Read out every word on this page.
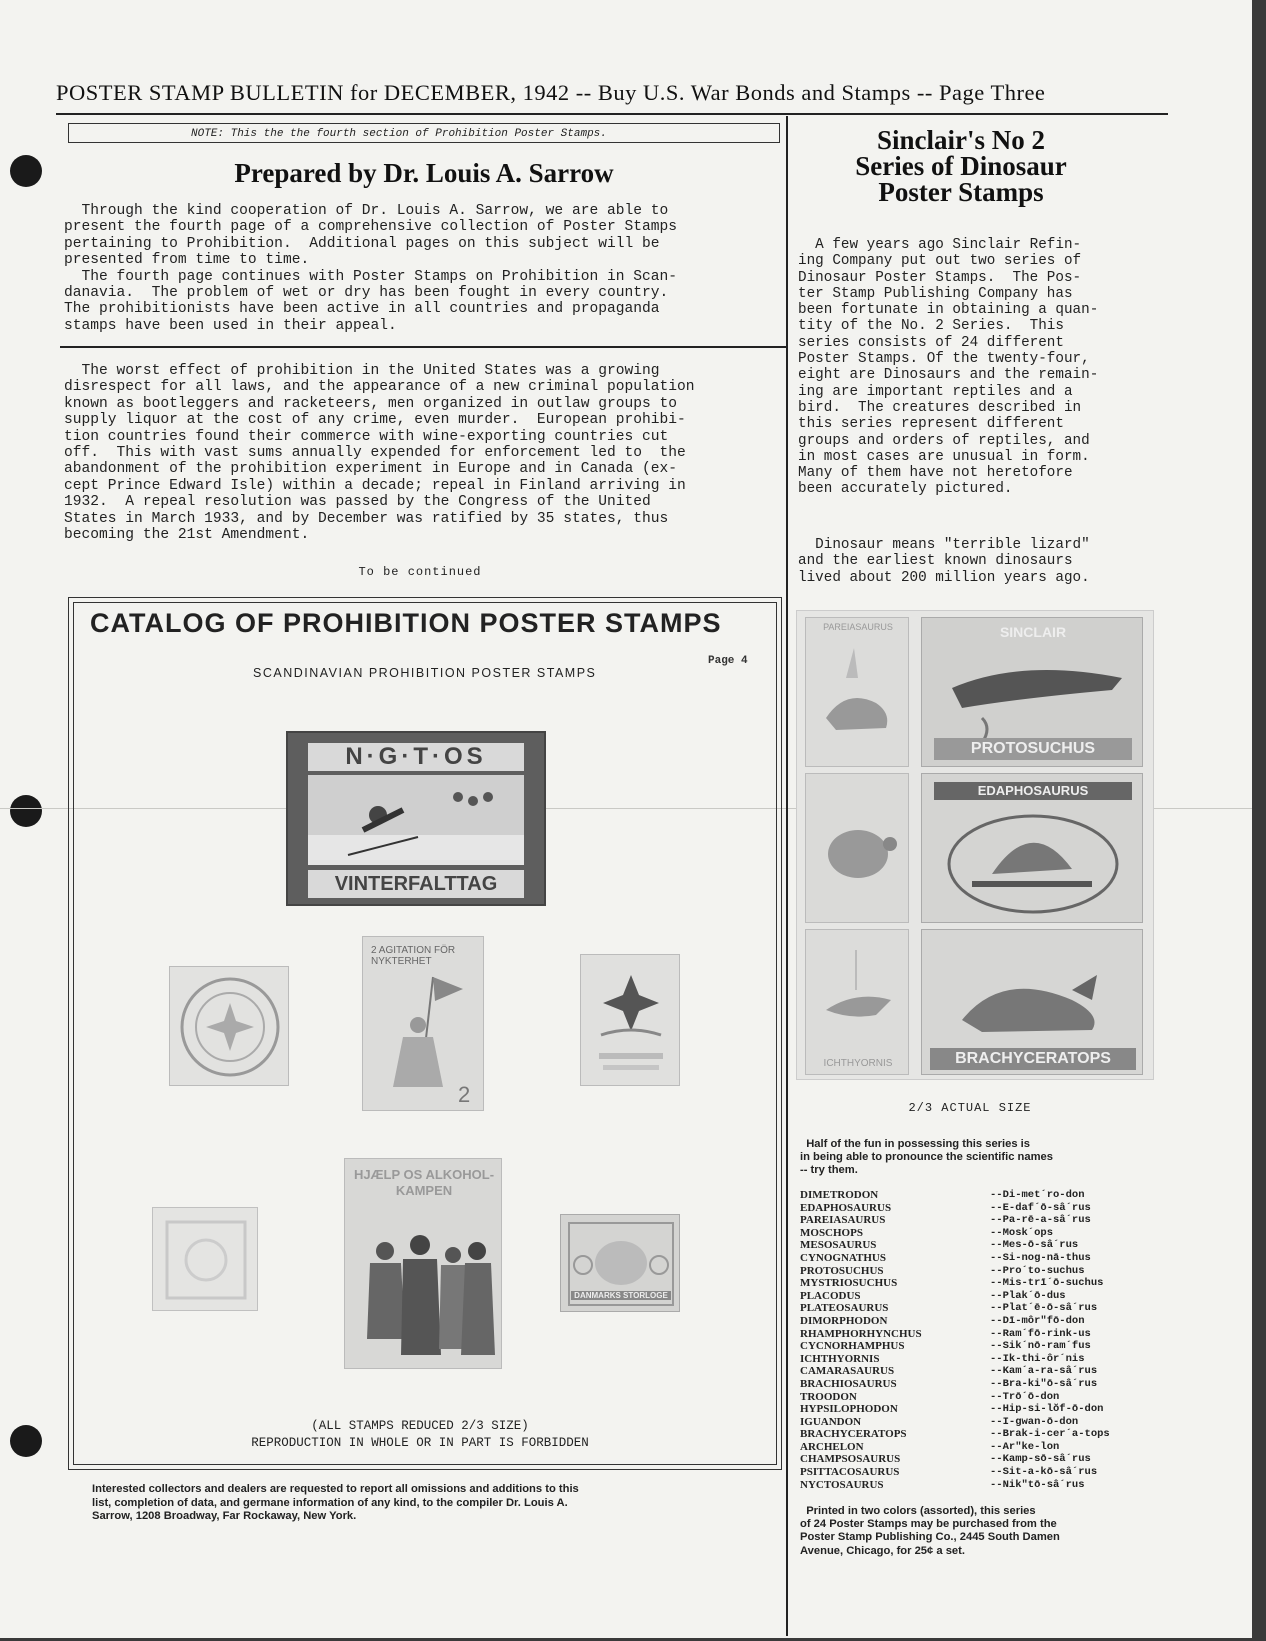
POSTER STAMP BULLETIN for DECEMBER, 1942 -- Buy U.S. War Bonds and Stamps -- Page Three
NOTE: This the the fourth section of Prohibition Poster Stamps.
Prepared by Dr. Louis A. Sarrow
Through the kind cooperation of Dr. Louis A. Sarrow, we are able to
present the fourth page of a comprehensive collection of Poster Stamps
pertaining to Prohibition.  Additional pages on this subject will be
presented from time to time.
The fourth page continues with Poster Stamps on Prohibition in Scan-
danavia.  The problem of wet or dry has been fought in every country.
The prohibitionists have been active in all countries and propaganda
stamps have been used in their appeal.
The worst effect of prohibition in the United States was a growing
disrespect for all laws, and the appearance of a new criminal population
known as bootleggers and racketeers, men organized in outlaw groups to
supply liquor at the cost of any crime, even murder.  European prohibi-
tion countries found their commerce with wine-exporting countries cut
off.  This with vast sums annually expended for enforcement led to  the
abandonment of the prohibition experiment in Europe and in Canada (ex-
cept Prince Edward Isle) within a decade; repeal in Finland arriving in
1932.  A repeal resolution was passed by the Congress of the United
States in March 1933, and by December was ratified by 35 states, thus
becoming the 21st Amendment.
To be continued
CATALOG OF PROHIBITION POSTER STAMPS
Page 4
SCANDINAVIAN PROHIBITION POSTER STAMPS
N·G·T·OS
VINTERFALTTAG
2 AGITATION FÖR NYKTERHET
2
HJÆLP OS ALKOHOL-KAMPEN
DANMARKS STORLOGE
(ALL STAMPS REDUCED 2/3 SIZE)
REPRODUCTION IN WHOLE OR IN PART IS FORBIDDEN
Interested collectors and dealers are requested to report all omissions and additions to this
list, completion of data, and germane information of any kind, to the compiler Dr. Louis A.
Sarrow, 1208 Broadway, Far Rockaway, New York.
Sinclair's No 2
Series of Dinosaur
Poster Stamps
A few years ago Sinclair Refin-
ing Company put out two series of
Dinosaur Poster Stamps.  The Pos-
ter Stamp Publishing Company has
been fortunate in obtaining a quan-
tity of the No. 2 Series.  This
series consists of 24 different
Poster Stamps. Of the twenty-four,
eight are Dinosaurs and the remain-
ing are important reptiles and a
bird.  The creatures described in
this series represent different
groups and orders of reptiles, and
in most cases are unusual in form.
Many of them have not heretofore
been accurately pictured.
Dinosaur means "terrible lizard"
and the earliest known dinosaurs
lived about 200 million years ago.
PAREIASAURUS	SINCLAIR
PROTOSUCHUS
EDAPHOSAURUS
ICHTHYORNIS	BRACHYCERATOPS
2/3 ACTUAL SIZE
Half of the fun in possessing this series is
in being able to pronounce the scientific names
-- try them.
DIMETRODON	--Di-met´ro-don
EDAPHOSAURUS	--E-daf´ō-sâ´rus
PAREIASAURUS	--Pa-rē-a-sâ´rus
MOSCHOPS	--Mosk´ops
MESOSAURUS	--Mes-ō-sâ´rus
CYNOGNATHUS	--Si-nog-nā-thus
PROTOSUCHUS	--Pro´to-suchus
MYSTRIOSUCHUS	--Mis-trī´ō-suchus
PLACODUS	--Plak´ō-dus
PLATEOSAURUS	--Plat´ē-ō-sâ´rus
DIMORPHODON	--Dī-môr″fō-don
RHAMPHORHYNCHUS	--Ram´fō-rink-us
CYCNORHAMPHUS	--Sik´nō-ram´fus
ICHTHYORNIS	--Ik-thi-ôr´nis
CAMARASAURUS	--Kam´a-ra-sâ´rus
BRACHIOSAURUS	--Bra-ki″ō-sâ´rus
TROODON	--Trō´ō-don
HYPSILOPHODON	--Hip-si-lŏf-ō-don
IGUANDON	--I-gwan-ō-don
BRACHYCERATOPS	--Brak-i-cer´a-tops
ARCHELON	--Ar″ke-lon
CHAMPSOSAURUS	--Kamp-sō-sâ´rus
PSITTACOSAURUS	--Sit-a-kō-sâ´rus
NYCTOSAURUS	--Nik″tō-sâ´rus
Printed in two colors (assorted), this series
of 24 Poster Stamps may be purchased from the
Poster Stamp Publishing Co., 2445 South Damen
Avenue, Chicago, for 25¢ a set.
